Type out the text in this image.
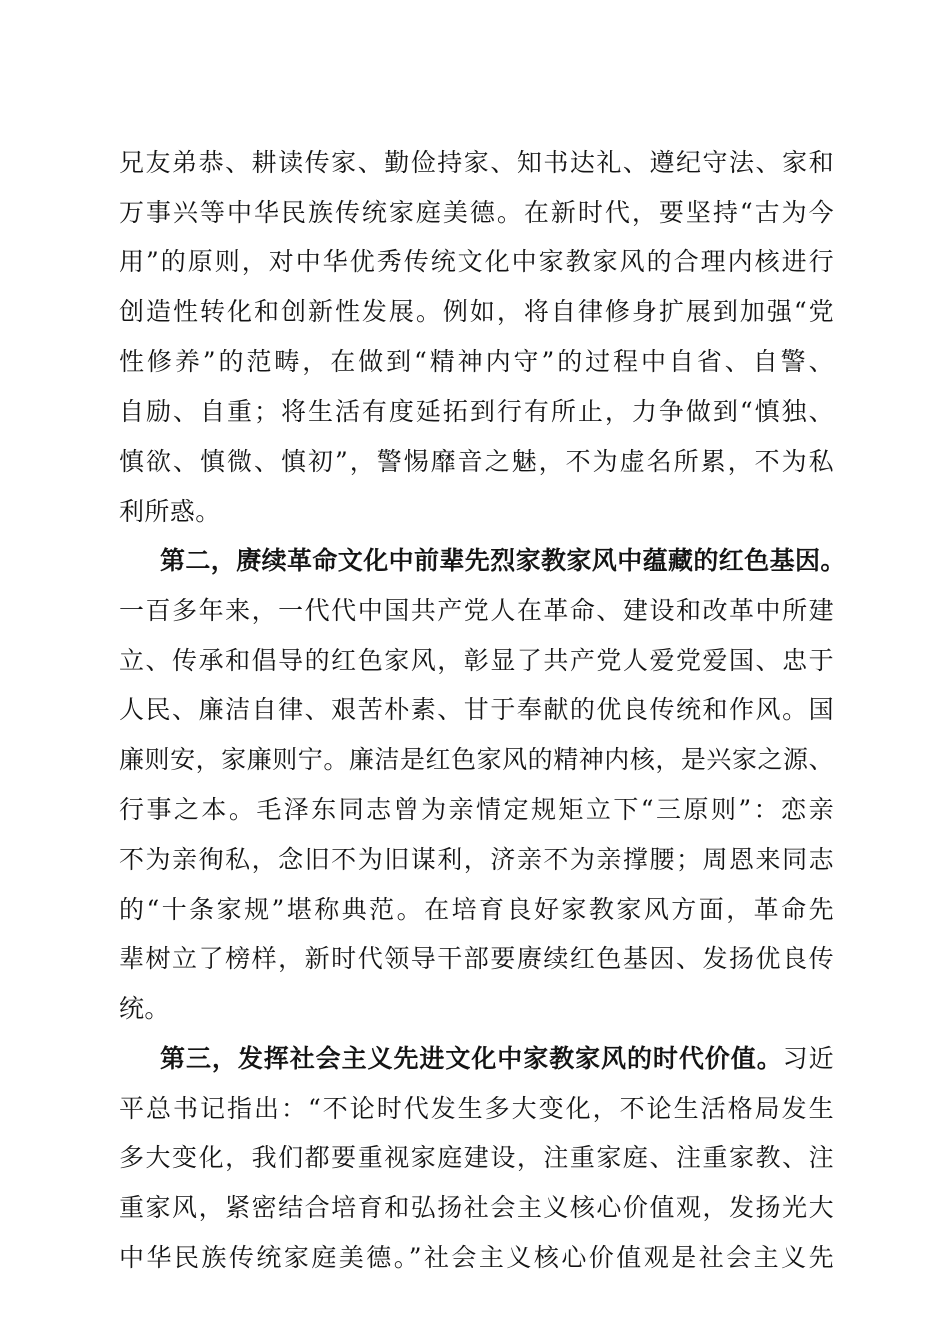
兄友弟恭、耕读传家、勤俭持家、知书达礼、遵纪守法、家和
万事兴等中华民族传统家庭美德。在新时代，要坚持“古为今
用”的原则，对中华优秀传统文化中家教家风的合理内核进行
创造性转化和创新性发展。例如，将自律修身扩展到加强“党
性修养”的范畴，在做到“精神内守”的过程中自省、自警、
自励、自重；将生活有度延拓到行有所止，力争做到“慎独、
慎欲、慎微、慎初”，警惕靡音之魅，不为虚名所累，不为私
利所惑。
第二，赓续革命文化中前辈先烈家教家风中蕴藏的红色基因。
一百多年来，一代代中国共产党人在革命、建设和改革中所建
立、传承和倡导的红色家风，彰显了共产党人爱党爱国、忠于
人民、廉洁自律、艰苦朴素、甘于奉献的优良传统和作风。国
廉则安，家廉则宁。廉洁是红色家风的精神内核，是兴家之源、
行事之本。毛泽东同志曾为亲情定规矩立下“三原则”：恋亲
不为亲徇私，念旧不为旧谋利，济亲不为亲撑腰；周恩来同志
的“十条家规”堪称典范。在培育良好家教家风方面，革命先
辈树立了榜样，新时代领导干部要赓续红色基因、发扬优良传
统。
第三，发挥社会主义先进文化中家教家风的时代价值。习近
平总书记指出：“不论时代发生多大变化，不论生活格局发生
多大变化，我们都要重视家庭建设，注重家庭、注重家教、注
重家风，紧密结合培育和弘扬社会主义核心价值观，发扬光大
中华民族传统家庭美德。”社会主义核心价值观是社会主义先
